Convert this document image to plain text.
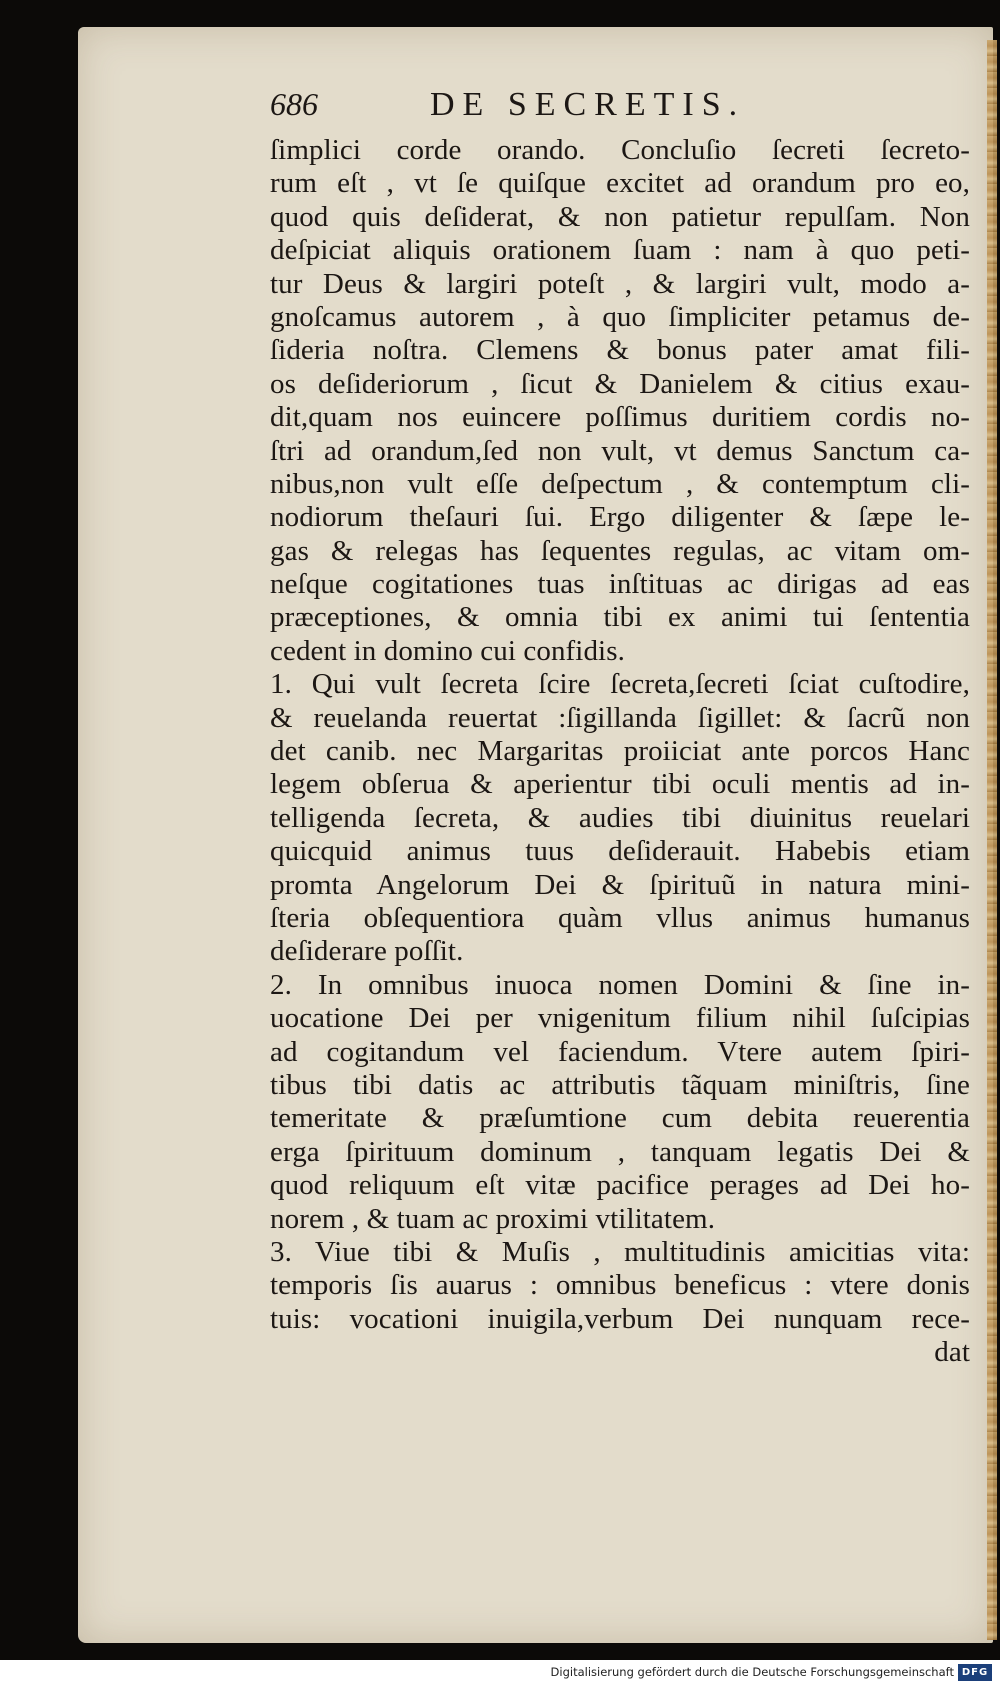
686	DE SECRETIS.
ſimplici corde orando. Concluſio ſecreti ſecreto-
rum eſt , vt ſe quiſque excitet ad orandum pro eo,
quod quis deſiderat, & non patietur repulſam. Non
deſpiciat aliquis orationem ſuam : nam à quo peti-
tur Deus & largiri poteſt , & largiri vult, modo a-
gnoſcamus autorem , à quo ſimpliciter petamus de-
ſideria noſtra. Clemens & bonus pater amat fili-
os deſideriorum , ſicut & Danielem & citius exau-
dit,quam nos euincere poſſimus duritiem cordis no-
ſtri ad orandum,ſed non vult, vt demus Sanctum ca-
nibus,non vult eſſe deſpectum , & contemptum cli-
nodiorum theſauri ſui. Ergo diligenter & ſæpe le-
gas & relegas has ſequentes regulas, ac vitam om-
neſque cogitationes tuas inſtituas ac dirigas ad eas
præceptiones, & omnia tibi ex animi tui ſententia
cedent in domino cui confidis.
1. Qui vult ſecreta ſcire ſecreta,ſecreti ſciat cuſtodire,
& reuelanda reuertat :ſigillanda ſigillet: & ſacrũ non
det canib. nec Margaritas proiiciat ante porcos Hanc
legem obſerua & aperientur tibi oculi mentis ad in-
telligenda ſecreta, & audies tibi diuinitus reuelari
quicquid animus tuus deſiderauit. Habebis etiam
promta Angelorum Dei & ſpirituũ in natura mini-
ſteria obſequentiora quàm vllus animus humanus
deſiderare poſſit.
2. In omnibus inuoca nomen Domini & ſine in-
uocatione Dei per vnigenitum filium nihil ſuſcipias
ad cogitandum vel faciendum. Vtere autem ſpiri-
tibus tibi datis ac attributis tãquam miniſtris, ſine
temeritate & præſumtione cum debita reuerentia
erga ſpirituum dominum , tanquam legatis Dei &
quod reliquum eſt vitæ pacifice perages ad Dei ho-
norem , & tuam ac proximi vtilitatem.
3. Viue tibi & Muſis , multitudinis amicitias vita:
temporis ſis auarus : omnibus beneficus : vtere donis
tuis: vocationi inuigila,verbum Dei nunquam rece-
dat
Digitalisierung gefördert durch die Deutsche Forschungsgemeinschaft DFG
